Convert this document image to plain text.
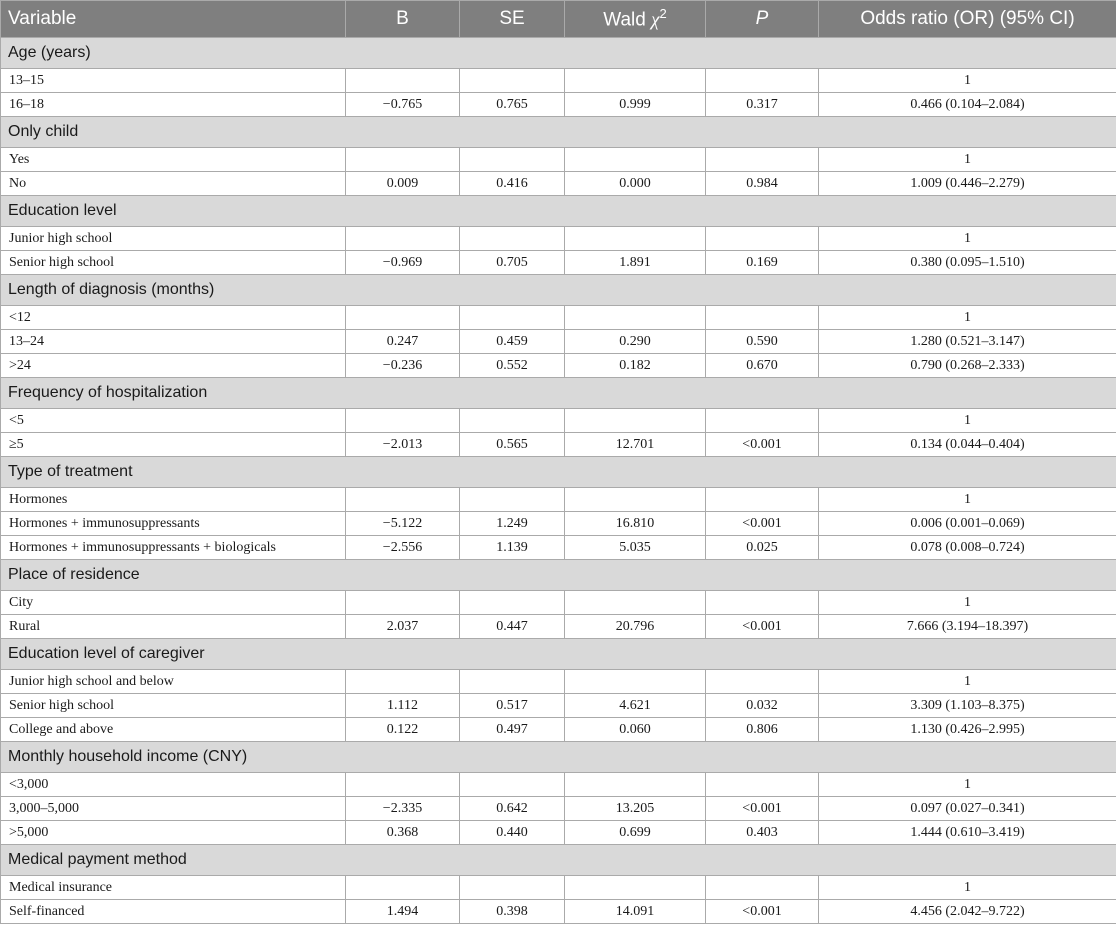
Variable	B	SE	Wald $\chi^2$	P	Odds ratio (OR) (95% CI)
Age (years)					
13–15					1
16–18	−0.765	0.765	0.999	0.317	0.466 (0.104–2.084)
Only child					
Yes					1
No	0.009	0.416	0.000	0.984	1.009 (0.446–2.279)
Education level					
Junior high school					1
Senior high school	−0.969	0.705	1.891	0.169	0.380 (0.095–1.510)
Length of diagnosis (months)					
<12					1
13–24	0.247	0.459	0.290	0.590	1.280 (0.521–3.147)
>24	−0.236	0.552	0.182	0.670	0.790 (0.268–2.333)
Frequency of hospitalization					
<5					1
≥5	−2.013	0.565	12.701	<0.001	0.134 (0.044–0.404)
Type of treatment					
Hormones					1
Hormones + immunosuppressants	−5.122	1.249	16.810	<0.001	0.006 (0.001–0.069)
Hormones + immunosuppressants + biologicals	−2.556	1.139	5.035	0.025	0.078 (0.008–0.724)
Place of residence					
City					1
Rural	2.037	0.447	20.796	<0.001	7.666 (3.194–18.397)
Education level of caregiver					
Junior high school and below					1
Senior high school	1.112	0.517	4.621	0.032	3.309 (1.103–8.375)
College and above	0.122	0.497	0.060	0.806	1.130 (0.426–2.995)
Monthly household income (CNY)					
<3,000					1
3,000–5,000	−2.335	0.642	13.205	<0.001	0.097 (0.027–0.341)
>5,000	0.368	0.440	0.699	0.403	1.444 (0.610–3.419)
Medical payment method					
Medical insurance					1
Self-financed	1.494	0.398	14.091	<0.001	4.456 (2.042–9.722)
